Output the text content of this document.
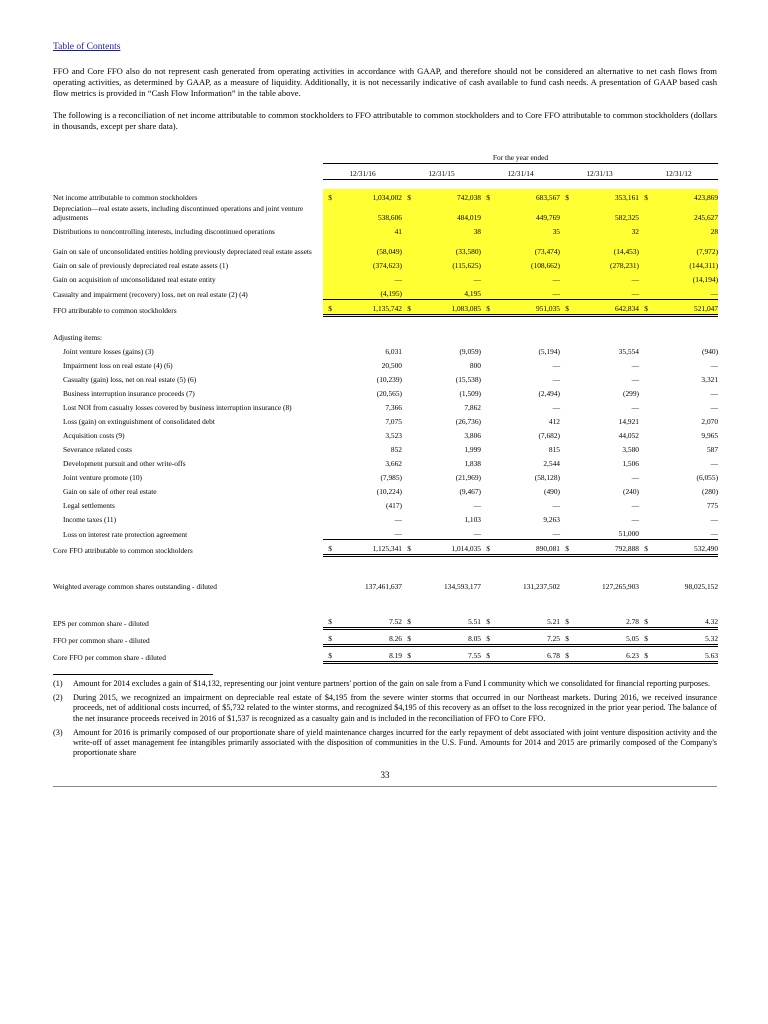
Table of Contents

FFO and Core FFO also do not represent cash generated from operating activities in accordance with GAAP, and therefore should not be considered an alternative to net cash flows from operating activities, as determined by GAAP, as a measure of liquidity. Additionally, it is not necessarily indicative of cash available to fund cash needs. A presentation of GAAP based cash flow metrics is provided in “Cash Flow Information” in the table above.

The following is a reconciliation of net income attributable to common stockholders to FFO attributable to common stockholders and to Core FFO attributable to common stockholders (dollars in thousands, except per share data).

	For the year ended									
	12/31/16		12/31/15		12/31/14		12/31/13		12/31/12	

Net income attributable to common stockholders	$	1,034,002	$	742,038	$	683,567	$	353,161	$	423,869
Depreciation—real estate assets, including discontinued operations and joint venture adjustments		538,606		484,019		449,769		582,325		245,627
Distributions to noncontrolling interests, including discontinued operations		41		38		35		32		28
Gain on sale of unconsolidated entities holding previously depreciated real estate assets		(58,049)		(33,580)		(73,474)		(14,453)		(7,972)
Gain on sale of previously depreciated real estate assets (1)		(374,623)		(115,625)		(108,662)		(278,231)		(144,311)
Gain on acquisition of unconsolidated real estate entity		—		—		—		—		(14,194)
Casualty and impairment (recovery) loss, net on real estate (2) (4)		(4,195)		4,195		—		—		—
FFO attributable to common stockholders	$	1,135,742	$	1,083,085	$	951,035	$	642,834	$	521,047

Adjusting items:										
Joint venture losses (gains) (3)		6,031		(9,059)		(5,194)		35,554		(940)
Impairment loss on real estate (4) (6)		20,500		800		—		—		—
Casualty (gain) loss, net on real estate (5) (6)		(10,239)		(15,538)		—		—		3,321
Business interruption insurance proceeds (7)		(20,565)		(1,509)		(2,494)		(299)		—
Lost NOI from casualty losses covered by business interruption insurance (8)		7,366		7,862		—		—		—
Loss (gain) on extinguishment of consolidated debt		7,075		(26,736)		412		14,921		2,070
Acquisition costs (9)		3,523		3,806		(7,682)		44,052		9,965
Severance related costs		852		1,999		815		3,580		587
Development pursuit and other write-offs		3,662		1,838		2,544		1,506		—
Joint venture promote (10)		(7,985)		(21,969)		(58,128)		—		(6,055)
Gain on sale of other real estate		(10,224)		(9,467)		(490)		(240)		(280)
Legal settlements		(417)		—		—		—		775
Income taxes (11)		—		1,103		9,263		—		—
Loss on interest rate protection agreement		—		—		—		51,000		—
Core FFO attributable to common stockholders	$	1,125,341	$	1,014,035	$	890,081	$	792,888	$	532,490

Weighted average common shares outstanding - diluted		137,461,637		134,593,177		131,237,502		127,265,903		98,025,152

EPS per common share - diluted	$	7.52	$	5.51	$	5.21	$	2.78	$	4.32
FFO per common share - diluted	$	8.26	$	8.05	$	7.25	$	5.05	$	5.32
Core FFO per common share - diluted	$	8.19	$	7.55	$	6.78	$	6.23	$	5.63
(1)	Amount for 2014 excludes a gain of $14,132, representing our joint venture partners' portion of the gain on sale from a Fund I community which we consolidated for financial reporting purposes.
(2)	During 2015, we recognized an impairment on depreciable real estate of $4,195 from the severe winter storms that occurred in our Northeast markets. During 2016, we received insurance proceeds, net of additional costs incurred, of $5,732 related to the winter storms, and recognized $4,195 of this recovery as an offset to the loss recognized in the prior year period. The balance of the net insurance proceeds received in 2016 of $1,537 is recognized as a casualty gain and is included in the reconciliation of FFO to Core FFO.
(3)	Amount for 2016 is primarily composed of our proportionate share of yield maintenance charges incurred for the early repayment of debt associated with joint venture disposition activity and the write-off of asset management fee intangibles primarily associated with the disposition of communities in the U.S. Fund. Amounts for 2014 and 2015 are primarily composed of the Company's proportionate share
33
